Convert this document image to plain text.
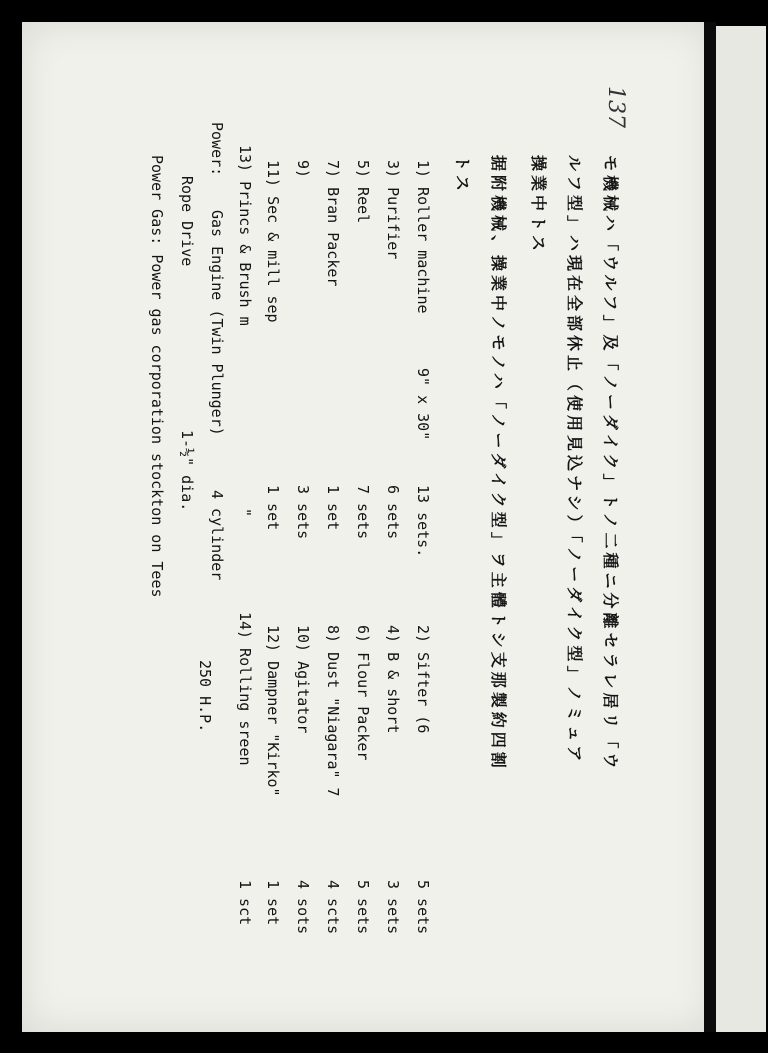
137
モ機械ハ「ウルフ」及「ノーダイク」トノ二種ニ分離セラレ居リ「ウ
ルフ型」ハ現在全部休止（使用見込ナシ）「ノーダイク型」ノミュア
操業中トス
据附機械、操業中ノモノハ「ノーダイク型」ヲ主體トシ支那製約四割
トス
1) Roller machine
9" x 30"
13 sets.
2) Sifter (6
5 sets
3) Purifier
6 sets
4) B & short
3 sets
5) Reel
7 sets
6) Flour Packer
5 sets
7) Bran Packer
1 set
8) Dust "Niagara" 7
4 scts
9)
3 sets
10) Agitator
4 sots
11) Sec & mill sep
1 set
12) Dampner "Kirko"
1 set
13) Princs & Brush m
"
14) Rolling sreen
1 sct
Power:
Gas Engine (Twin Plunger)
4 cylinder
250 H.P.
Rope Drive
1-½" dia.
Power Gas: Power gas corporation stockton on Tees
